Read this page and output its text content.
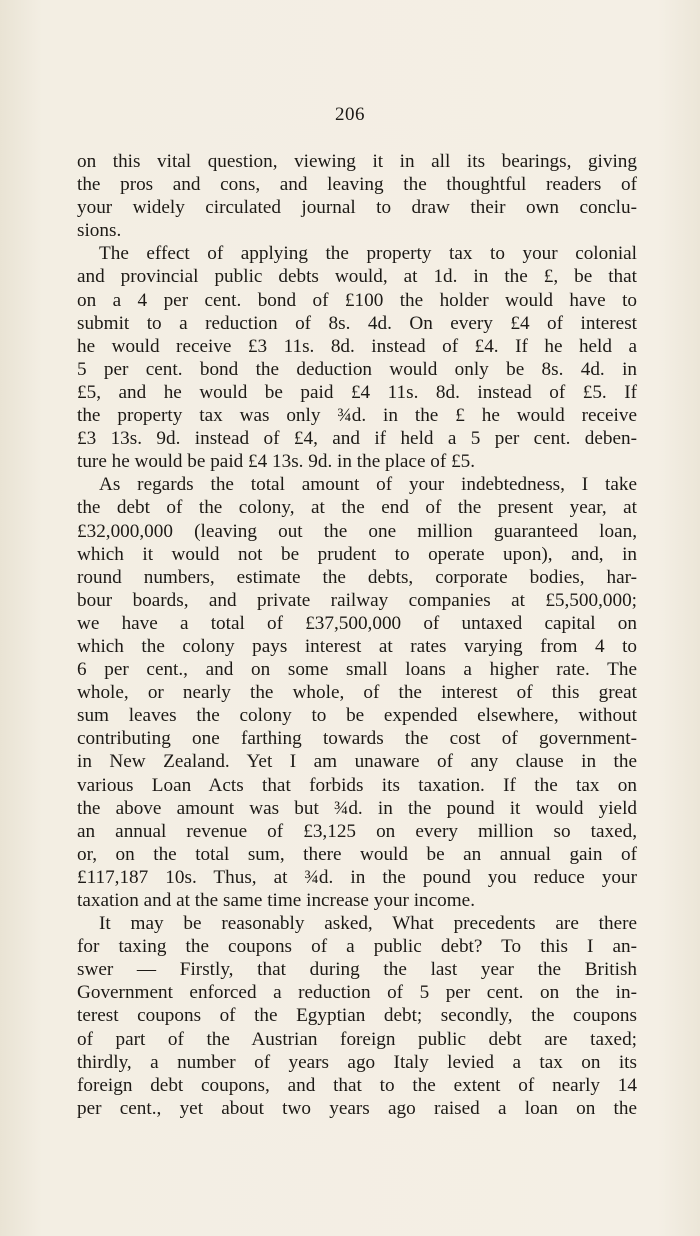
206
on this vital question, viewing it in all its bearings, giving
the pros and cons, and leaving the thoughtful readers of
your widely circulated journal to draw their own conclu-
sions.
The effect of applying the property tax to your colonial
and provincial public debts would, at 1d. in the £, be that
on a 4 per cent. bond of £100 the holder would have to
submit to a reduction of 8s. 4d. On every £4 of interest
he would receive £3 11s. 8d. instead of £4. If he held a
5 per cent. bond the deduction would only be 8s. 4d. in
£5, and he would be paid £4 11s. 8d. instead of £5. If
the property tax was only ¾d. in the £ he would receive
£3 13s. 9d. instead of £4, and if held a 5 per cent. deben-
ture he would be paid £4 13s. 9d. in the place of £5.
As regards the total amount of your indebtedness, I take
the debt of the colony, at the end of the present year, at
£32,000,000 (leaving out the one million guaranteed loan,
which it would not be prudent to operate upon), and, in
round numbers, estimate the debts, corporate bodies, har-
bour boards, and private railway companies at £5,500,000;
we have a total of £37,500,000 of untaxed capital on
which the colony pays interest at rates varying from 4 to
6 per cent., and on some small loans a higher rate. The
whole, or nearly the whole, of the interest of this great
sum leaves the colony to be expended elsewhere, without
contributing one farthing towards the cost of government-
in New Zealand. Yet I am unaware of any clause in the
various Loan Acts that forbids its taxation. If the tax on
the above amount was but ¾d. in the pound it would yield
an annual revenue of £3,125 on every million so taxed,
or, on the total sum, there would be an annual gain of
£117,187 10s. Thus, at ¾d. in the pound you reduce your
taxation and at the same time increase your income.
It may be reasonably asked, What precedents are there
for taxing the coupons of a public debt? To this I an-
swer — Firstly, that during the last year the British
Government enforced a reduction of 5 per cent. on the in-
terest coupons of the Egyptian debt; secondly, the coupons
of part of the Austrian foreign public debt are taxed;
thirdly, a number of years ago Italy levied a tax on its
foreign debt coupons, and that to the extent of nearly 14
per cent., yet about two years ago raised a loan on the
